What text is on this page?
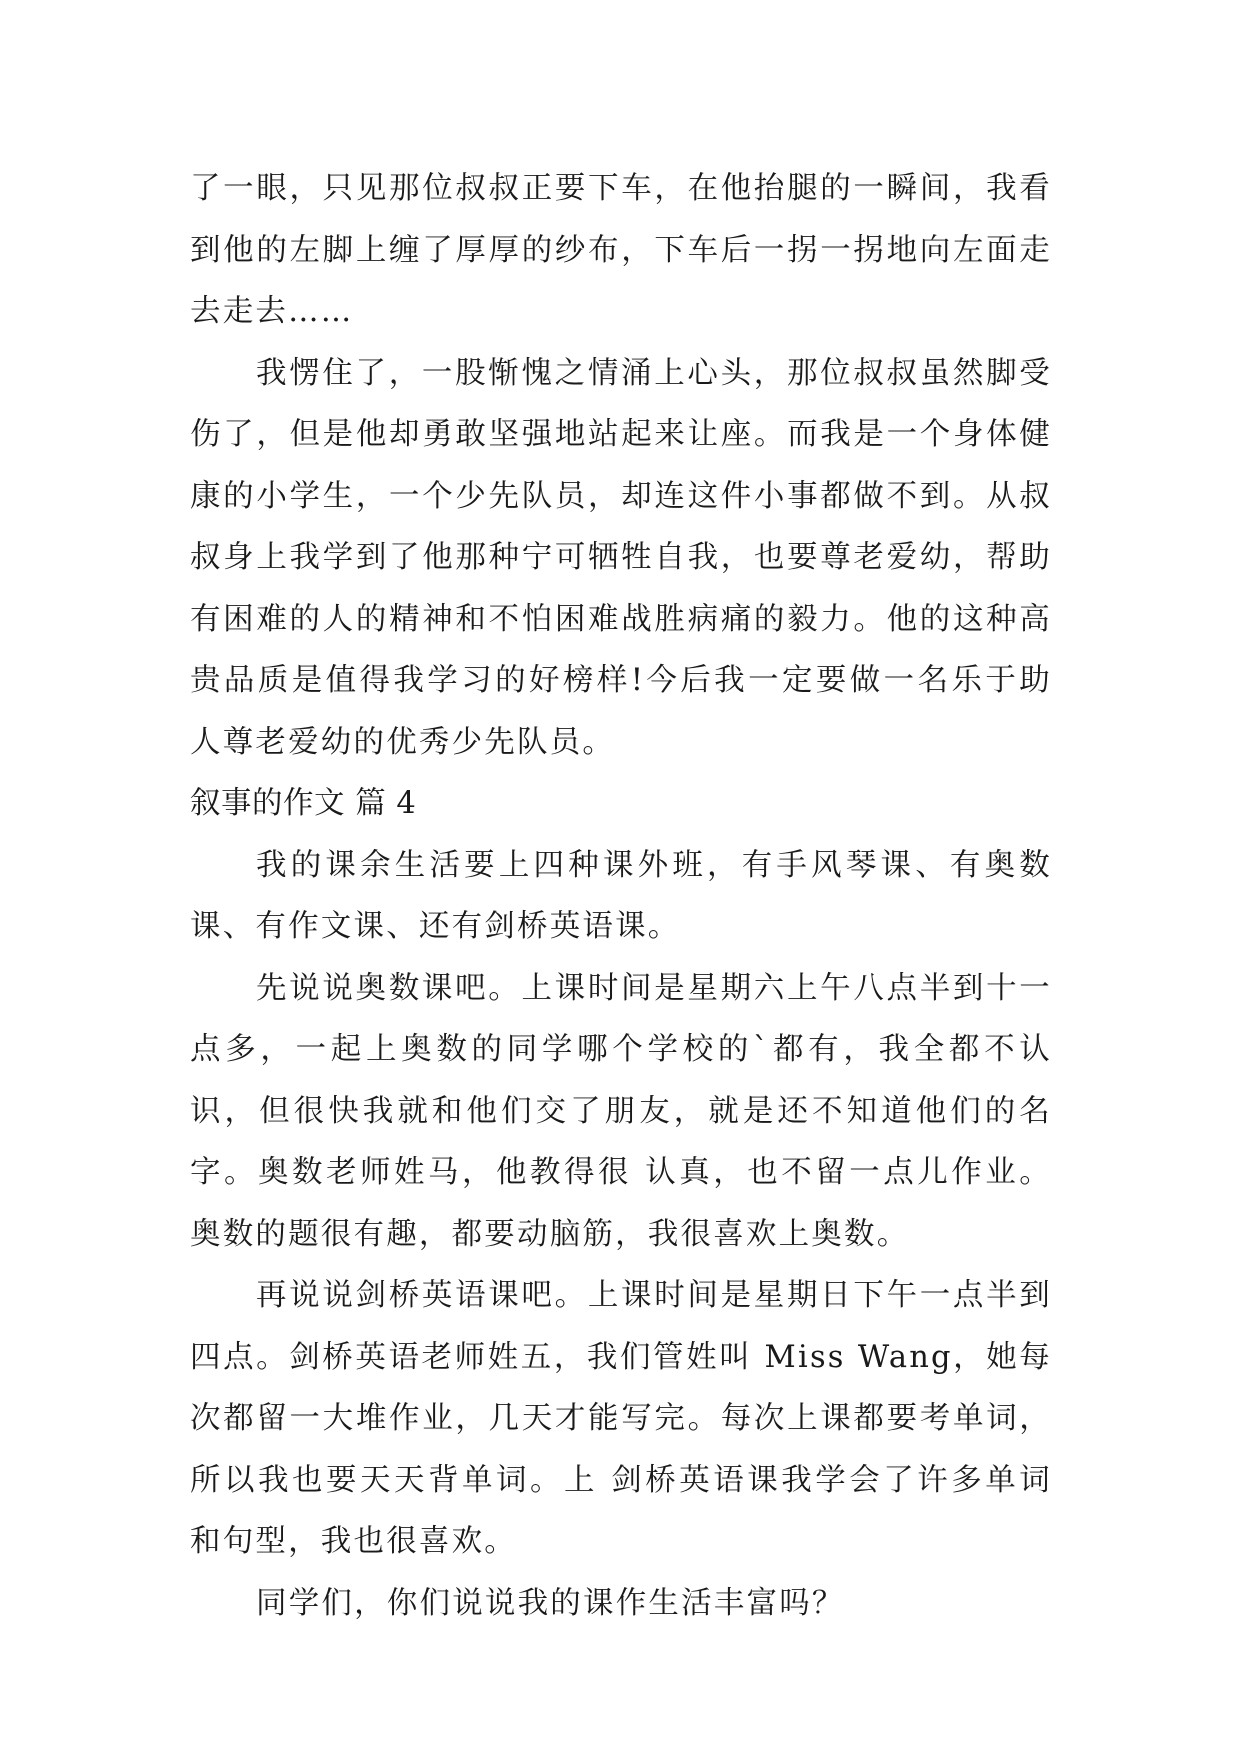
了一眼，只见那位叔叔正要下车，在他抬腿的一瞬间，我看到他的左脚上缠了厚厚的纱布，下车后一拐一拐地向左面走去走去……

我愣住了，一股惭愧之情涌上心头，那位叔叔虽然脚受伤了，但是他却勇敢坚强地站起来让座。而我是一个身体健康的小学生，一个少先队员，却连这件小事都做不到。从叔叔身上我学到了他那种宁可牺牲自我，也要尊老爱幼，帮助有困难的人的精神和不怕困难战胜病痛的毅力。他的这种高贵品质是值得我学习的好榜样!今后我一定要做一名乐于助人尊老爱幼的优秀少先队员。

叙事的作文 篇 4

我的课余生活要上四种课外班，有手风琴课、有奥数课、有作文课、还有剑桥英语课。

先说说奥数课吧。上课时间是星期六上午八点半到十一点多，一起上奥数的同学哪个学校的`都有，我全都不认识，但很快我就和他们交了朋友，就是还不知道他们的名字。奥数老师姓马，他教得很 认真，也不留一点儿作业。奥数的题很有趣，都要动脑筋，我很喜欢上奥数。

再说说剑桥英语课吧。上课时间是星期日下午一点半到四点。剑桥英语老师姓五，我们管姓叫 Miss Wang，她每次都留一大堆作业，几天才能写完。每次上课都要考单词，所以我也要天天背单词。上 剑桥英语课我学会了许多单词和句型，我也很喜欢。

同学们，你们说说我的课作生活丰富吗？
